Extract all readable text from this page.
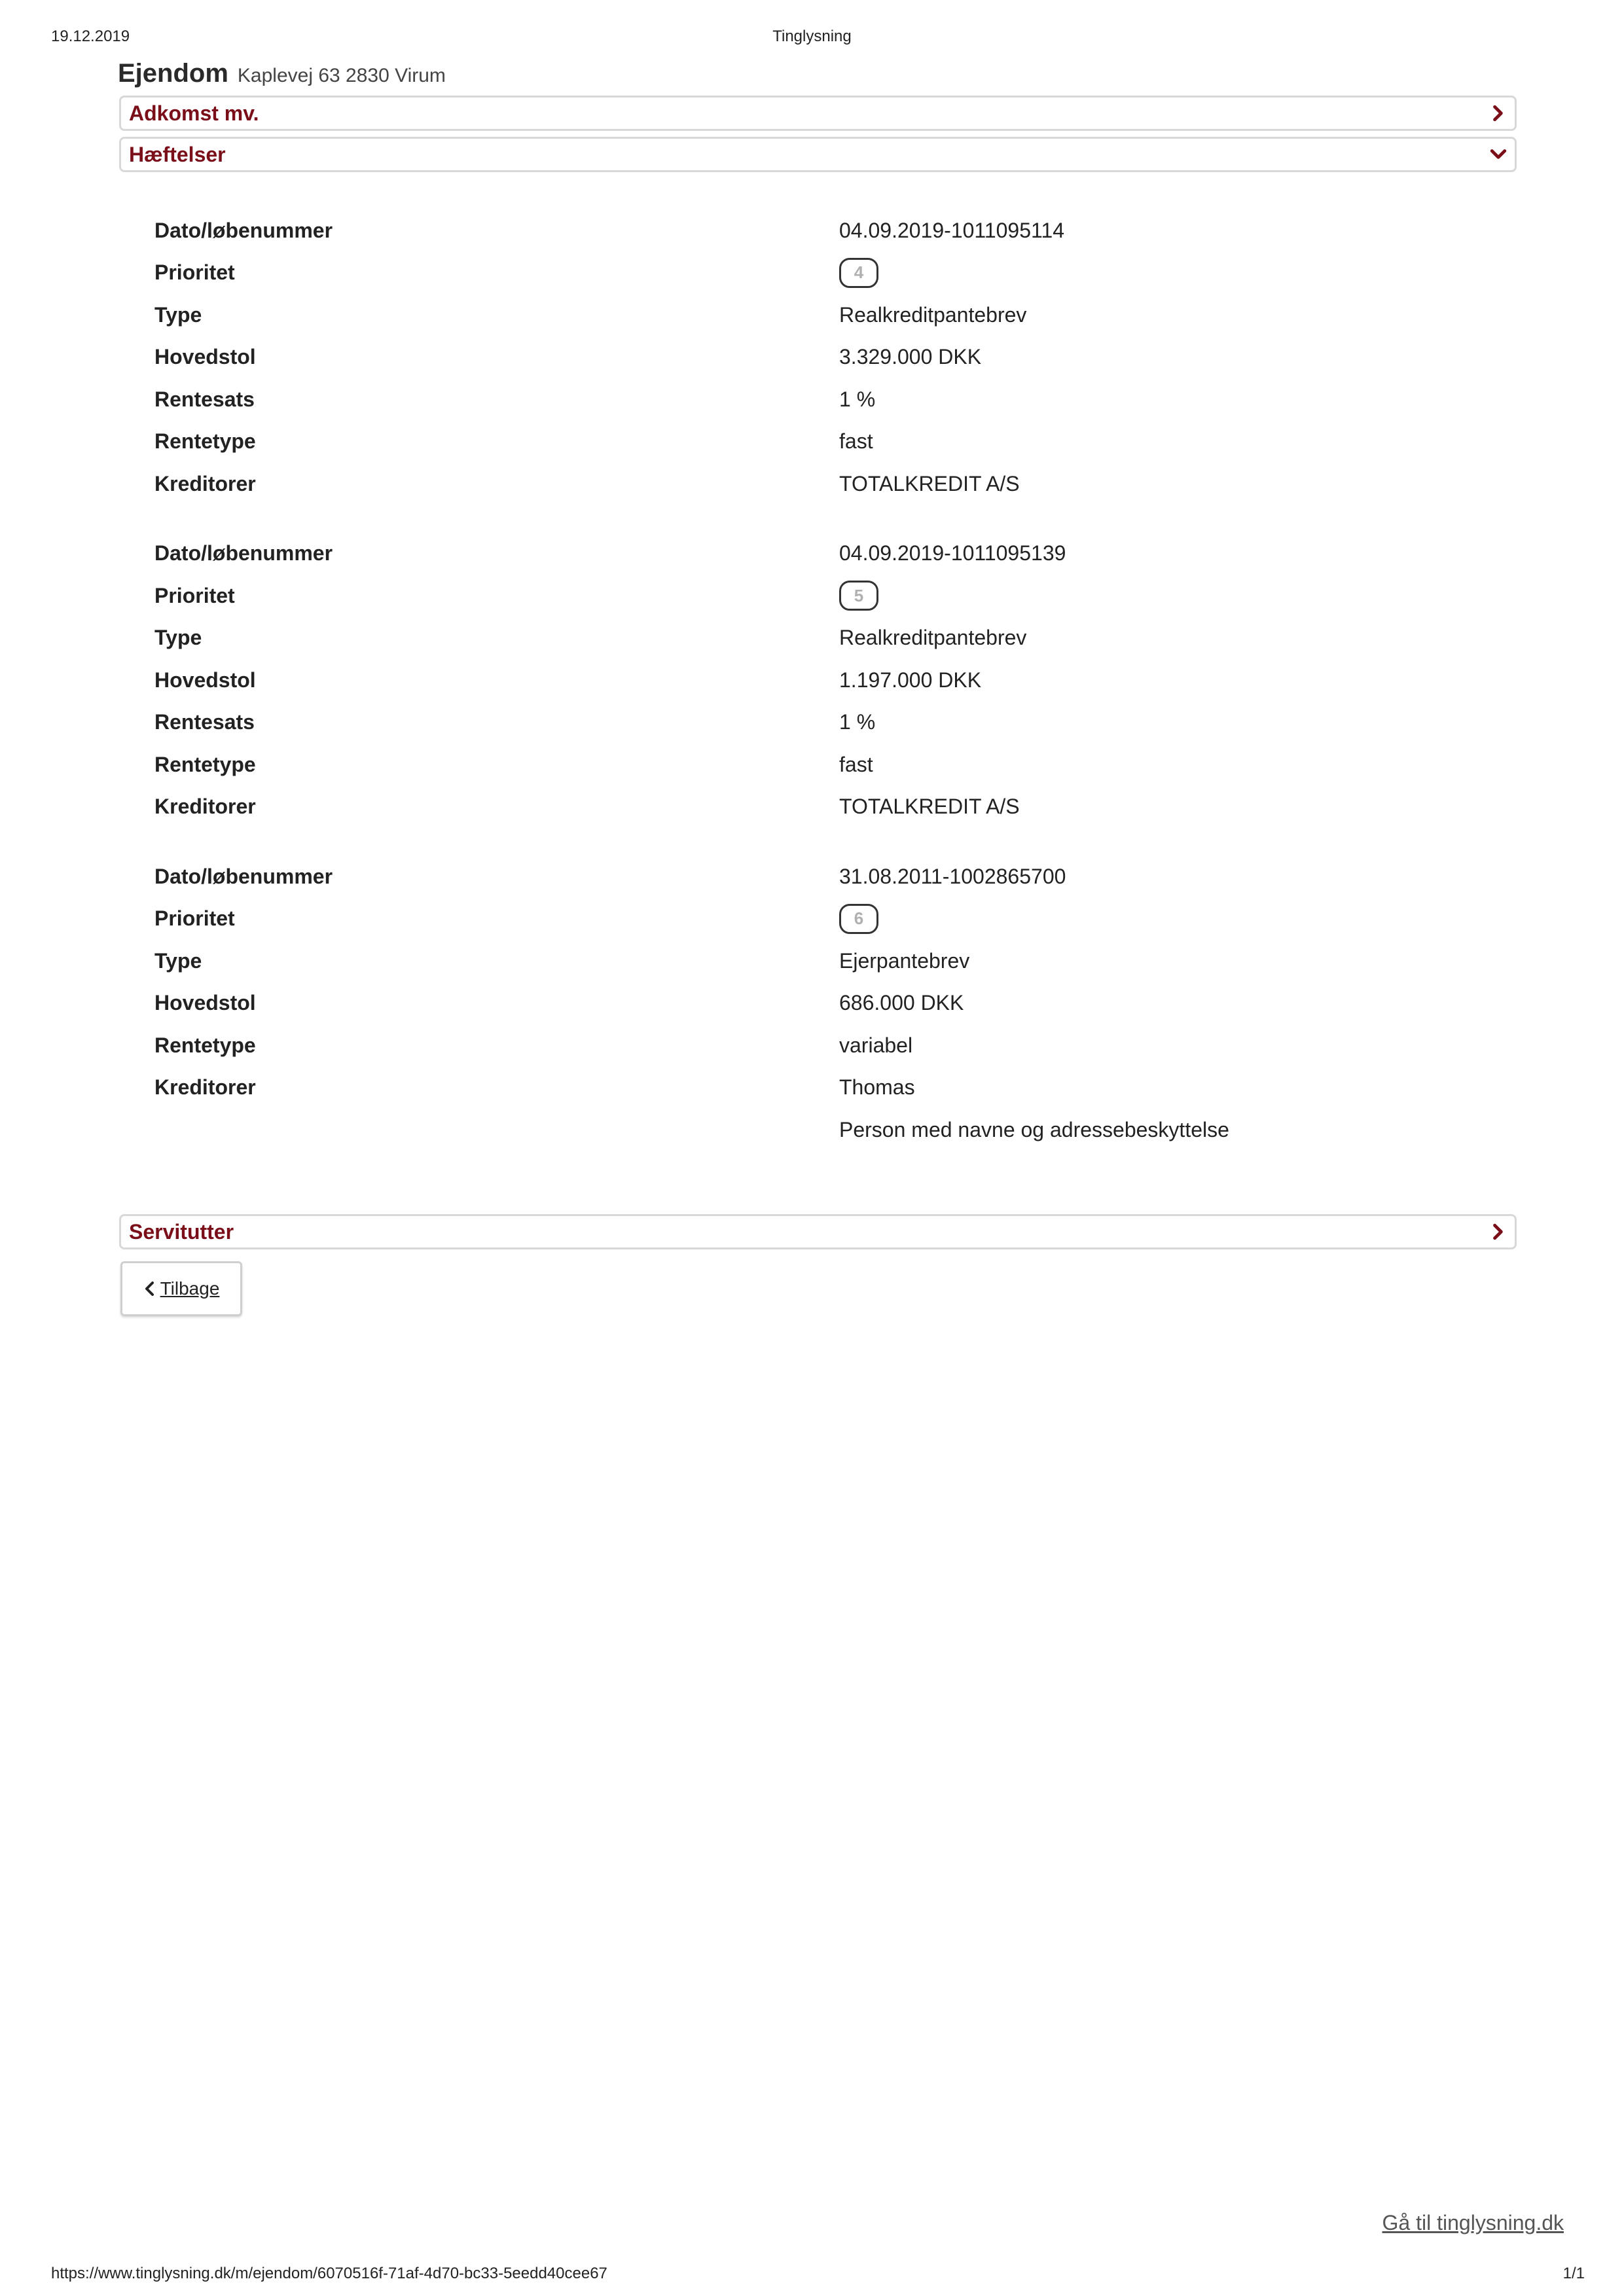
19.12.2019	Tinglysning
Ejendom Kaplevej 63 2830 Virum
Adkomst mv.
Hæftelser
Dato/løbenummer	04.09.2019-1011095114
Prioritet	4
Type	Realkreditpantebrev
Hovedstol	3.329.000 DKK
Rentesats	1 %
Rentetype	fast
Kreditorer	TOTALKREDIT A/S
Dato/løbenummer	04.09.2019-1011095139
Prioritet	5
Type	Realkreditpantebrev
Hovedstol	1.197.000 DKK
Rentesats	1 %
Rentetype	fast
Kreditorer	TOTALKREDIT A/S
Dato/løbenummer	31.08.2011-1002865700
Prioritet	6
Type	Ejerpantebrev
Hovedstol	686.000 DKK
Rentetype	variabel
Kreditorer	Thomas
Person med navne og adressebeskyttelse
Servitutter
Tilbage
Gå til tinglysning.dk
https://www.tinglysning.dk/m/ejendom/6070516f-71af-4d70-bc33-5eedd40cee67	1/1
